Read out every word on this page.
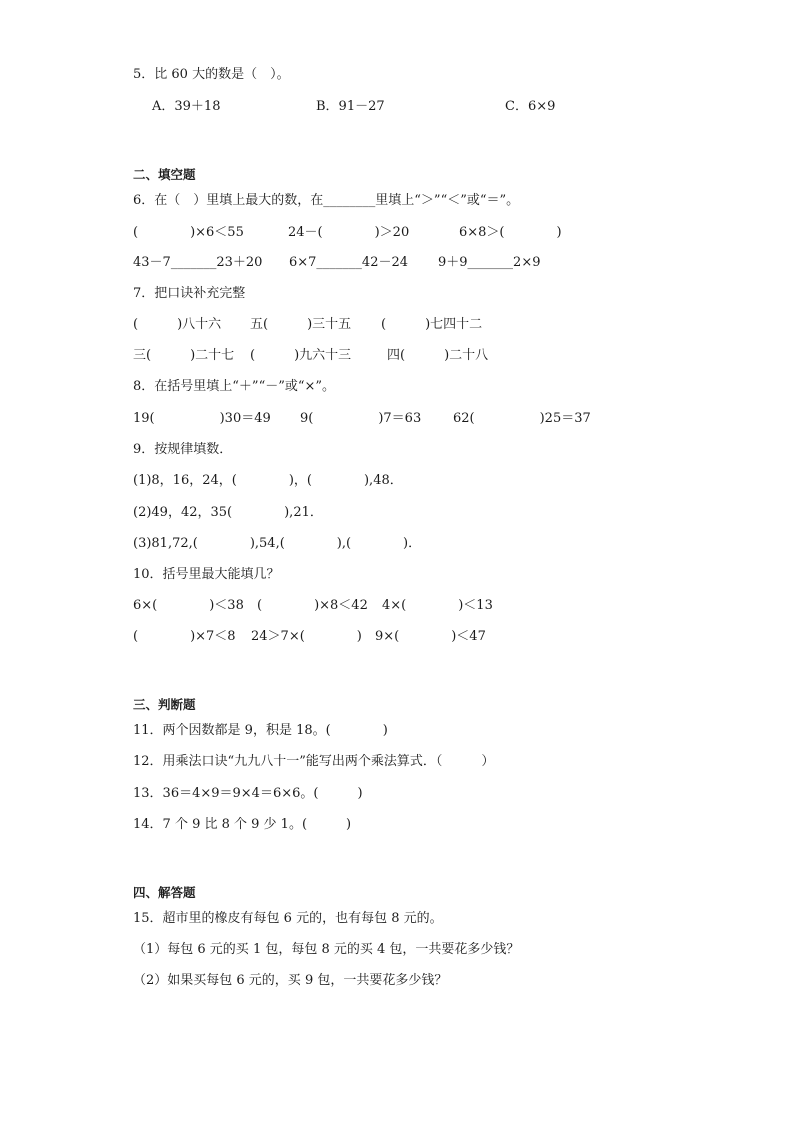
5．比 60 大的数是（　）。
A．39＋18	B．91－27	C．6×9
二、填空题
6．在（　）里填上最大的数，在________里填上“＞”“＜”或“＝”。
(　　　　)×6＜55	24－(　　　　)＞20	6×8＞(　　　　)
43－7_______23＋20 6×7_______42－24 9＋9_______2×9
7．把口诀补充完整
(　　　)八十六 五(　　　)三十五 (　　　)七四十二
三(　　　)二十七 (　　　)九六十三	四(　　　)二十八
8．在括号里填上“＋”“－”或“×”。
19(　　　　　)30＝49 9(　　　　　)7＝63 62(　　　　　)25＝37
9．按规律填数．
(1)8，16，24，(　　　　)，(　　　　),48．
(2)49，42，35(　　　　),21．
(3)81,72,(　　　　),54,(　　　　),(　　　　)．
10．括号里最大能填几？
6×(　　　　)＜38 (　　　　)×8＜42 4×(　　　　)＜13
(　　　　)×7＜8 24＞7×(　　　　) 9×(　　　　)＜47
三、判断题
11．两个因数都是 9，积是 18。(　　　　)
12．用乘法口诀“九九八十一”能写出两个乘法算式．（　　　）
13．36＝4×9＝9×4＝6×6。(　　　)
14．7 个 9 比 8 个 9 少 1。(　　　)
四、解答题
15．超市里的橡皮有每包 6 元的，也有每包 8 元的。
（1）每包 6 元的买 1 包，每包 8 元的买 4 包，一共要花多少钱？
（2）如果买每包 6 元的，买 9 包，一共要花多少钱？
